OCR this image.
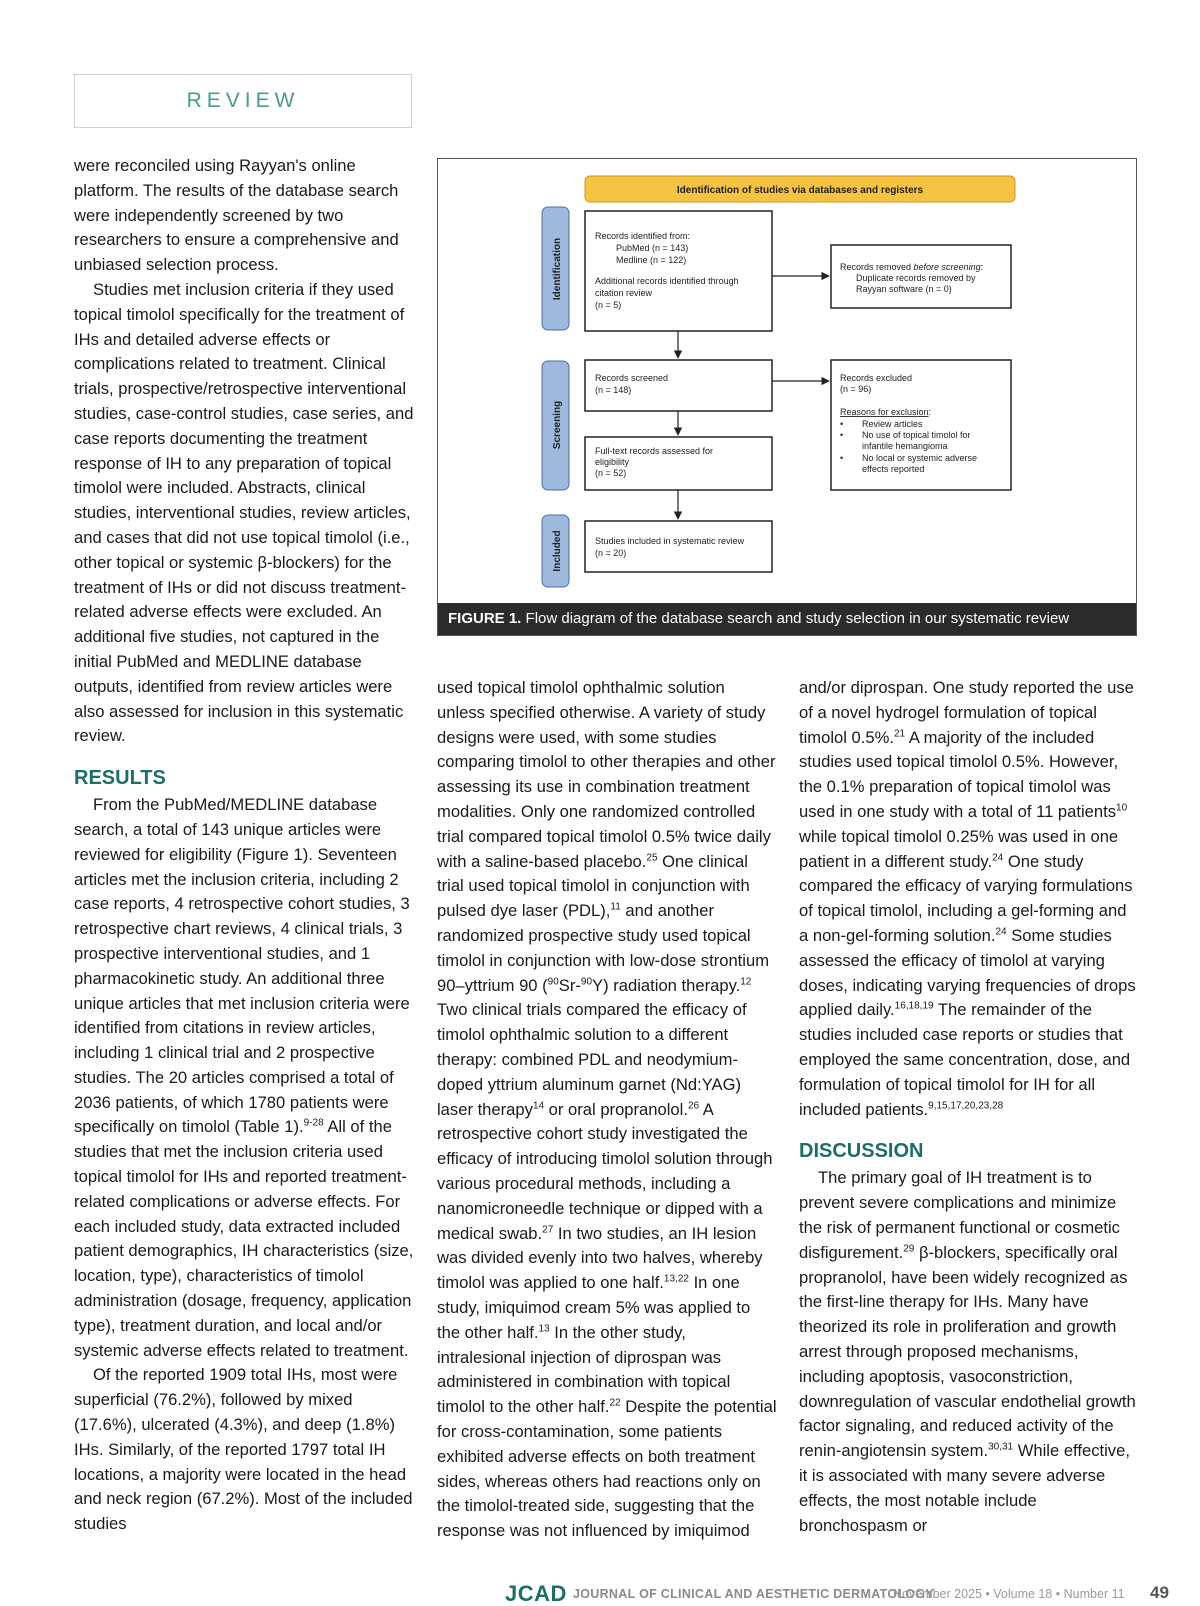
REVIEW

were reconciled using Rayyan's online platform. The results of the database search were independently screened by two researchers to ensure a comprehensive and unbiased selection process.

Studies met inclusion criteria if they used topical timolol specifically for the treatment of IHs and detailed adverse effects or complications related to treatment. Clinical trials, prospective/retrospective interventional studies, case-control studies, case series, and case reports documenting the treatment response of IH to any preparation of topical timolol were included. Abstracts, clinical studies, interventional studies, review articles, and cases that did not use topical timolol (i.e., other topical or systemic β-blockers) for the treatment of IHs or did not discuss treatment-related adverse effects were excluded. An additional five studies, not captured in the initial PubMed and MEDLINE database outputs, identified from review articles were also assessed for inclusion in this systematic review.

RESULTS

From the PubMed/MEDLINE database search, a total of 143 unique articles were reviewed for eligibility (Figure 1). Seventeen articles met the inclusion criteria, including 2 case reports, 4 retrospective cohort studies, 3 retrospective chart reviews, 4 clinical trials, 3 prospective interventional studies, and 1 pharmacokinetic study. An additional three unique articles that met inclusion criteria were identified from citations in review articles, including 1 clinical trial and 2 prospective studies. The 20 articles comprised a total of 2036 patients, of which 1780 patients were specifically on timolol (Table 1).$^{9-28}$ All of the studies that met the inclusion criteria used topical timolol for IHs and reported treatment-related complications or adverse effects. For each included study, data extracted included patient demographics, IH characteristics (size, location, type), characteristics of timolol administration (dosage, frequency, application type), treatment duration, and local and/or systemic adverse effects related to treatment.

Of the reported 1909 total IHs, most were superficial (76.2%), followed by mixed (17.6%), ulcerated (4.3%), and deep (1.8%) IHs. Similarly, of the reported 1797 total IH locations, a majority were located in the head and neck region (67.2%). Most of the included studies

Identification of studies via databases and registers
Identification
Screening
Included
Records identified from:
PubMed (n = 143)
Medline (n = 122)
Additional records identified through
citation review
(n = 5)
Records removed before screening:
Duplicate records removed by
Rayyan software (n = 0)
Records screened
(n = 148)
Records excluded
(n = 96)
Reasons for exclusion:
• Review articles
• No use of topical timolol for
infantile hemangioma
• No local or systemic adverse
effects reported
Full-text records assessed for
eligibility
(n = 52)
Studies included in systematic review
(n = 20)
FIGURE 1. Flow diagram of the database search and study selection in our systematic review

used topical timolol ophthalmic solution unless specified otherwise. A variety of study designs were used, with some studies comparing timolol to other therapies and other assessing its use in combination treatment modalities. Only one randomized controlled trial compared topical timolol 0.5% twice daily with a saline-based placebo.$^{25}$ One clinical trial used topical timolol in conjunction with pulsed dye laser (PDL),$^{11}$ and another randomized prospective study used topical timolol in conjunction with low-dose strontium 90–yttrium 90 ($^{90}$Sr-$^{90}$Y) radiation therapy.$^{12}$ Two clinical trials compared the efficacy of timolol ophthalmic solution to a different therapy: combined PDL and neodymium-doped yttrium aluminum garnet (Nd:YAG) laser therapy$^{14}$ or oral propranolol.$^{26}$ A retrospective cohort study investigated the efficacy of introducing timolol solution through various procedural methods, including a nanomicroneedle technique or dipped with a medical swab.$^{27}$ In two studies, an IH lesion was divided evenly into two halves, whereby timolol was applied to one half.$^{13,22}$ In one study, imiquimod cream 5% was applied to the other half.$^{13}$ In the other study, intralesional injection of diprospan was administered in combination with topical timolol to the other half.$^{22}$ Despite the potential for cross-contamination, some patients exhibited adverse effects on both treatment sides, whereas others had reactions only on the timolol-treated side, suggesting that the response was not influenced by imiquimod

and/or diprospan. One study reported the use of a novel hydrogel formulation of topical timolol 0.5%.$^{21}$ A majority of the included studies used topical timolol 0.5%. However, the 0.1% preparation of topical timolol was used in one study with a total of 11 patients$^{10}$ while topical timolol 0.25% was used in one patient in a different study.$^{24}$ One study compared the efficacy of varying formulations of topical timolol, including a gel-forming and a non-gel-forming solution.$^{24}$ Some studies assessed the efficacy of timolol at varying doses, indicating varying frequencies of drops applied daily.$^{16,18,19}$ The remainder of the studies included case reports or studies that employed the same concentration, dose, and formulation of topical timolol for IH for all included patients.$^{9,15,17,20,23,28}$

DISCUSSION

The primary goal of IH treatment is to prevent severe complications and minimize the risk of permanent functional or cosmetic disfigurement.$^{29}$ β-blockers, specifically oral propranolol, have been widely recognized as the first-line therapy for IHs. Many have theorized its role in proliferation and growth arrest through proposed mechanisms, including apoptosis, vasoconstriction, downregulation of vascular endothelial growth factor signaling, and reduced activity of the renin-angiotensin system.$^{30,31}$ While effective, it is associated with many severe adverse effects, the most notable include bronchospasm or

JCAD JOURNAL OF CLINICAL AND AESTHETIC DERMATOLOGY
November 2025 • Volume 18 • Number 11 49
